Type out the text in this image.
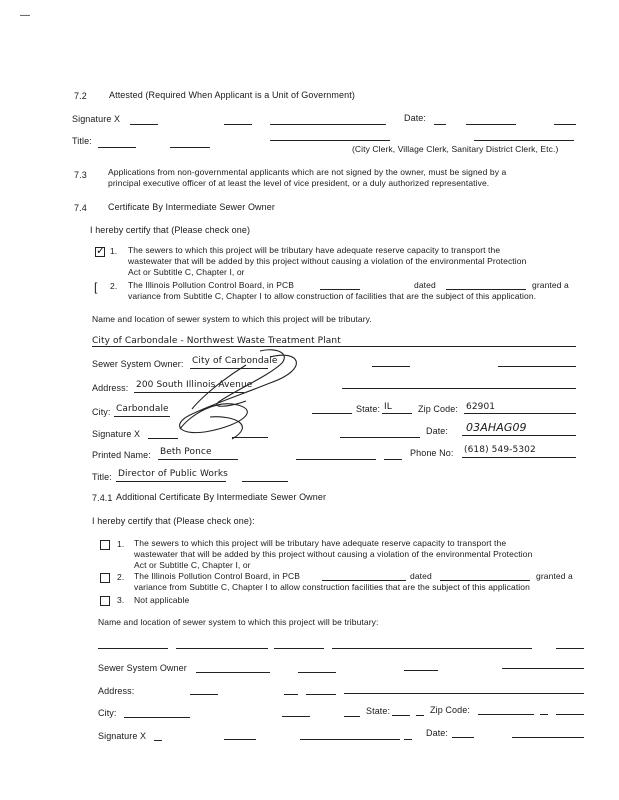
—
7.2 Attested (Required When Applicant is a Unit of Government)
Signature X	Date:
Title:
(City Clerk, Village Clerk, Sanitary District Clerk, Etc.)
7.3 Applications from non-governmental applicants which are not signed by the owner, must be signed by a
principal executive officer of at least the level of vice president, or a duly authorized representative.
7.4 Certificate By Intermediate Sewer Owner
I hereby certify that (Please check one)
✓ 1. The sewers to which this project will be tributary have adequate reserve capacity to transport the
wastewater that will be added by this project without causing a violation of the environmental Protection
Act or Subtitle C, Chapter I, or
[ 2. The Illinois Pollution Control Board, in PCB	dated	granted a
variance from Subtitle C, Chapter I to allow construction of facilities that are the subject of this application.
Name and location of sewer system to which this project will be tributary.
City of Carbondale - Northwest Waste Treatment Plant
Sewer System Owner: City of Carbondale
Address: 200 South Illinois Avenue
City: Carbondale	State: IL	Zip Code: 62901
Signature X	Date: 03AHAG09
Printed Name: Beth Ponce	Phone No: (618) 549-5302
Title: Director of Public Works
7.4.1 Additional Certificate By Intermediate Sewer Owner
I hereby certify that (Please check one):
1. The sewers to which this project will be tributary have adequate reserve capacity to transport the
wastewater that will be added by this project without causing a violation of the environmental Protection
Act or Subtitle C, Chapter I, or
2. The Illinois Pollution Control Board, in PCB	dated	granted a
variance from Subtitle C, Chapter I to allow construction facilities that are the subject of this application
3. Not applicable
Name and location of sewer system to which this project will be tributary:
Sewer System Owner
Address:
City:	State:	Zip Code:
Signature X	Date:
